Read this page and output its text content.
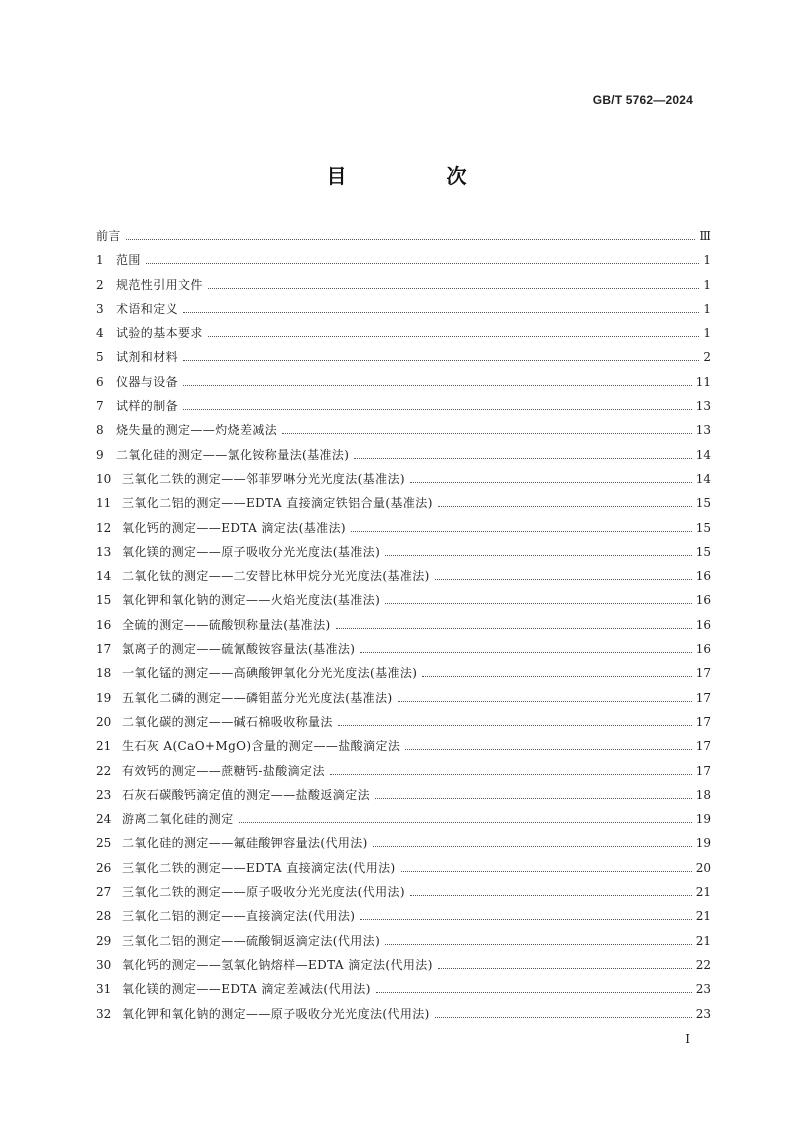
GB/T 5762—2024
目　次
前言	Ⅲ
1	范围	1
2	规范性引用文件	1
3	术语和定义	1
4	试验的基本要求	1
5	试剂和材料	2
6	仪器与设备	11
7	试样的制备	13
8	烧失量的测定——灼烧差减法	13
9	二氧化硅的测定——氯化铵称量法(基准法)	14
10 三氧化二铁的测定——邻菲罗啉分光光度法(基准法)	14
11 三氧化二铝的测定——EDTA 直接滴定铁铝合量(基准法)	15
12 氧化钙的测定——EDTA 滴定法(基准法)	15
13 氧化镁的测定——原子吸收分光光度法(基准法)	15
14 二氧化钛的测定——二安替比林甲烷分光光度法(基准法)	16
15 氧化钾和氧化钠的测定——火焰光度法(基准法)	16
16 全硫的测定——硫酸钡称量法(基准法)	16
17 氯离子的测定——硫氰酸铵容量法(基准法)	16
18 一氧化锰的测定——高碘酸钾氧化分光光度法(基准法)	17
19 五氧化二磷的测定——磷钼蓝分光光度法(基准法)	17
20 二氧化碳的测定——碱石棉吸收称量法	17
21 生石灰 A(CaO+MgO)含量的测定——盐酸滴定法	17
22 有效钙的测定——蔗糖钙-盐酸滴定法	17
23 石灰石碳酸钙滴定值的测定——盐酸返滴定法	18
24 游离二氧化硅的测定	19
25 二氧化硅的测定——氟硅酸钾容量法(代用法)	19
26 三氧化二铁的测定——EDTA 直接滴定法(代用法)	20
27 三氧化二铁的测定——原子吸收分光光度法(代用法)	21
28 三氧化二铝的测定——直接滴定法(代用法)	21
29 三氧化二铝的测定——硫酸铜返滴定法(代用法)	21
30 氧化钙的测定——氢氧化钠熔样—EDTA 滴定法(代用法)	22
31 氧化镁的测定——EDTA 滴定差减法(代用法)	23
32 氧化钾和氧化钠的测定——原子吸收分光光度法(代用法)	23
I
